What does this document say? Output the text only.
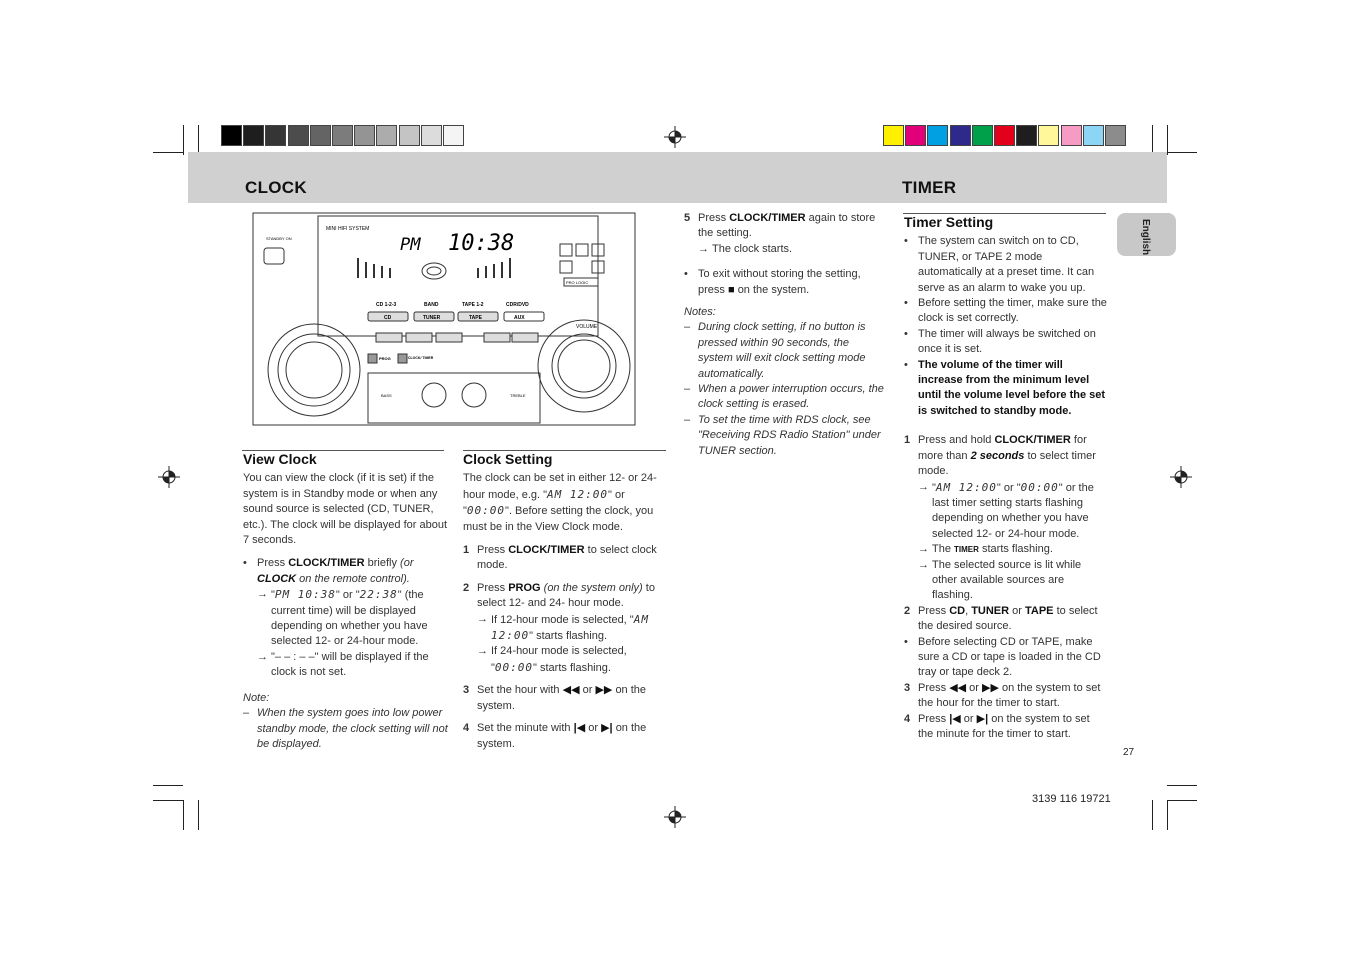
CLOCK	TIMER
English
MINI HIFI SYSTEM
PM 10:38
PRO LOGIC
CD 1-2-3	BAND	TAPE 1-2	CDR/DVD
CD	TUNER	TAPE	AUX
STANDBY ON
VOLUME
PROG	CLOCK/ TIMER
BASS	TREBLE
View Clock

You can view the clock (if it is set) if the system is in Standby mode or when any sound source is selected (CD, TUNER, etc.). The clock will be displayed for about 7 seconds.

• Press CLOCK/TIMER briefly (or CLOCK on the remote control).
→ "PM 10:38" or "22:38" (the current time) will be displayed depending on whether you have selected 12- or 24-hour mode.
→ "– – : – –" will be displayed if the clock is not set.
Note:
– When the system goes into low power standby mode, the clock setting will not be displayed.
Clock Setting

The clock can be set in either 12- or 24-hour mode, e.g. "AM 12:00" or "00:00". Before setting the clock, you must be in the View Clock mode.

1 Press CLOCK/TIMER to select clock mode.
2 Press PROG (on the system only) to select 12- and 24- hour mode.
→ If 12-hour mode is selected, "AM 12:00" starts flashing.
→ If 24-hour mode is selected, "00:00" starts flashing.
3 Set the hour with ◀◀ or ▶▶ on the system.
4 Set the minute with |◀ or ▶| on the system.
5 Press CLOCK/TIMER again to store the setting.
→ The clock starts.
• To exit without storing the setting, press ■ on the system.
Notes:
– During clock setting, if no button is pressed within 90 seconds, the system will exit clock setting mode automatically.
– When a power interruption occurs, the clock setting is erased.
– To set the time with RDS clock, see "Receiving RDS Radio Station" under TUNER section.
Timer Setting
• The system can switch on to CD, TUNER, or TAPE 2 mode automatically at a preset time. It can serve as an alarm to wake you up.
• Before setting the timer, make sure the clock is set correctly.
• The timer will always be switched on once it is set.
• The volume of the timer will increase from the minimum level until the volume level before the set is switched to standby mode.
1 Press and hold CLOCK/TIMER for more than 2 seconds to select timer mode.
→ "AM 12:00" or "00:00" or the last timer setting starts flashing depending on whether you have selected 12- or 24-hour mode.
→ The TIMER starts flashing.
→ The selected source is lit while other available sources are flashing.
2 Press CD, TUNER or TAPE to select the desired source.
• Before selecting CD or TAPE, make sure a CD or tape is loaded in the CD tray or tape deck 2.
3 Press ◀◀ or ▶▶ on the system to set the hour for the timer to start.
4 Press |◀ or ▶| on the system to set the minute for the timer to start.
27
3139 116 19721
